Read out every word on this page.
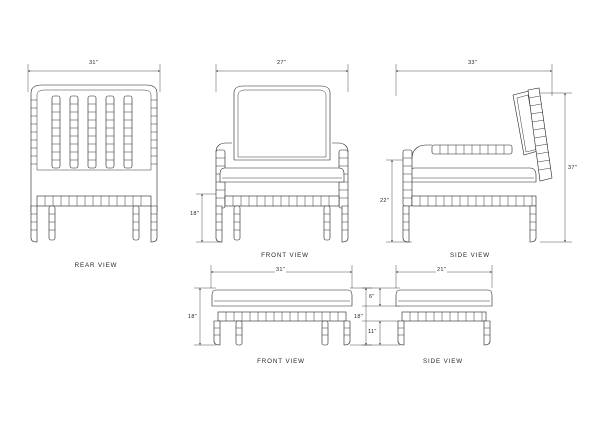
31"	27"
18"
33"
22"
37"
31"
18"	18"
21"
6"
11"
REAR VIEW
FRONT VIEW	SIDE VIEW
FRONT VIEW	SIDE VIEW
